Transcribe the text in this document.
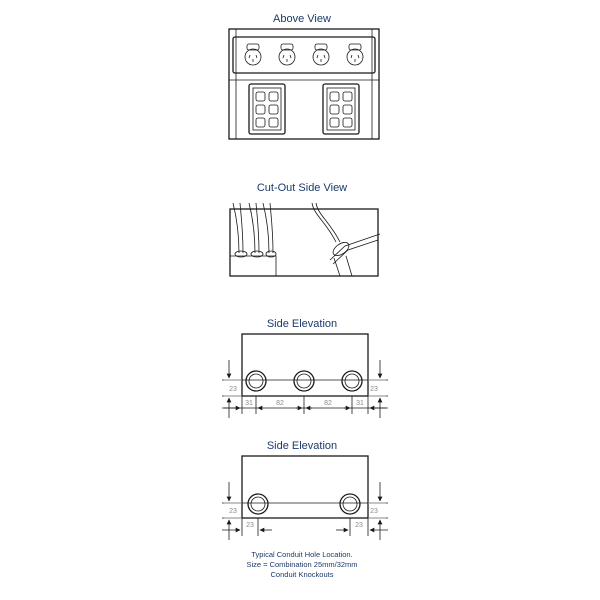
Above View
Cut-Out Side View
Side Elevation
23	23
31	82	82	31
Side Elevation
23	23
23	23
Typical Conduit Hole Location.
Size = Combination 25mm/32mm
Conduit Knockouts
